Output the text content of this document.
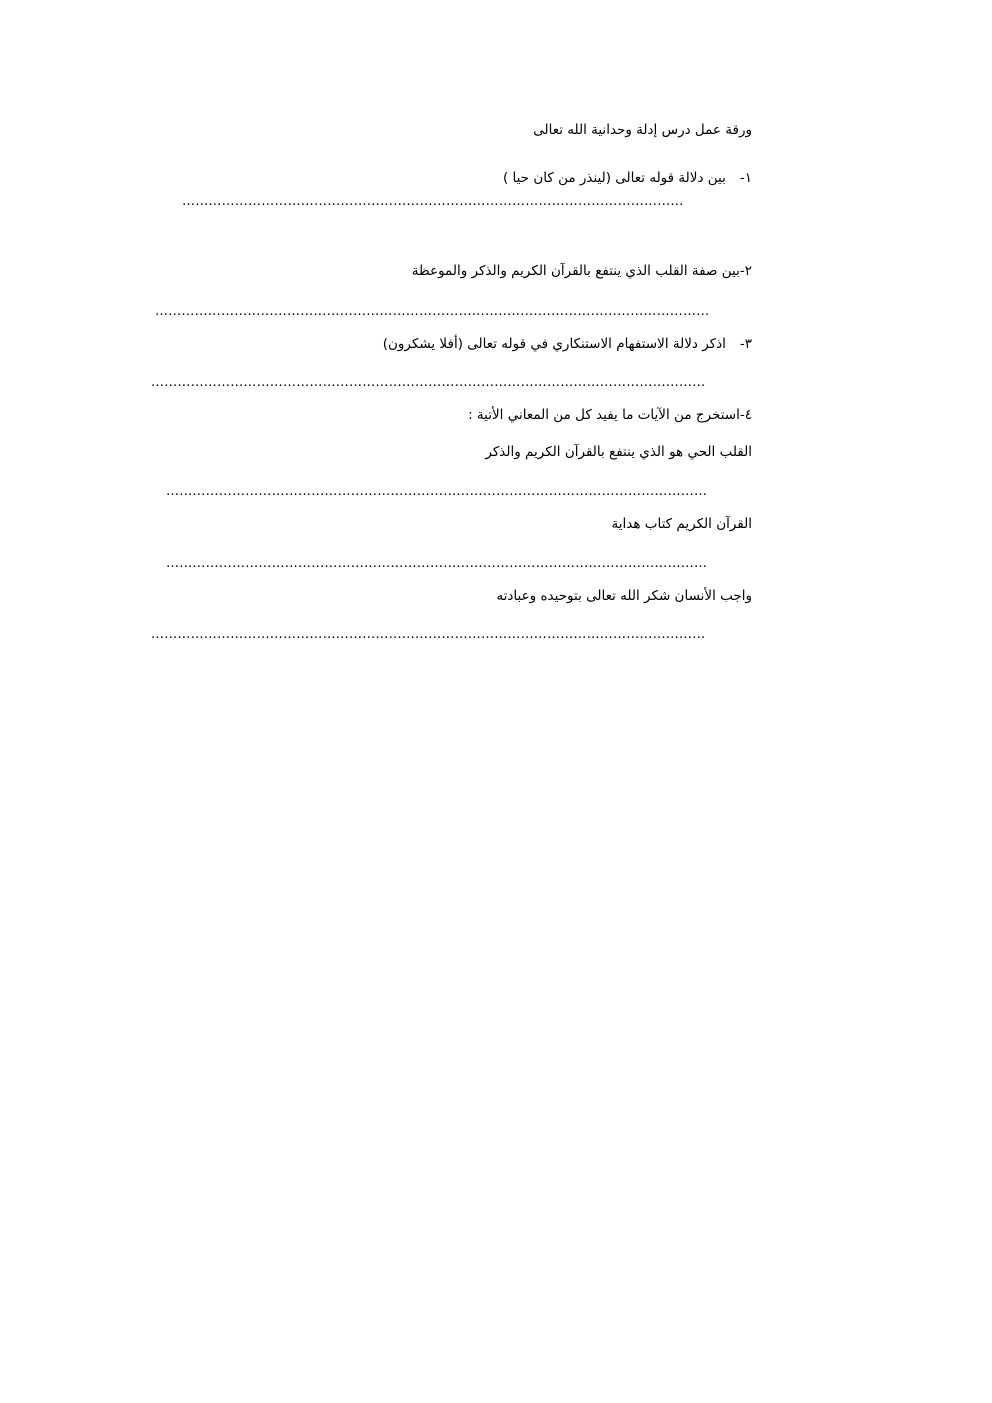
ورقة عمل درس إدلة وحدانية الله تعالى
١-بين دلالة قوله تعالى (لينذر من كان حيا )
……………………………………………………………………………………………………
٢-بين صفة القلب الذي ينتفع بالقرآن الكريم والذكر والموعظة
………………………………………………………………………………………………………………
٣-اذكر دلالة الاستفهام الاستنكاري في قوله تعالى (أفلا يشكرون)
………………………………………………………………………………………………………………
٤-استخرج من الآيات ما يفيد كل من المعاني الأتية :
القلب الحي هو الذي ينتفع بالقرآن الكريم والذكر
……………………………………………………………………………………………………………
القرآن الكريم كتاب هداية
……………………………………………………………………………………………………………
واجب الأنسان شكر الله تعالى بتوحيده وعبادته
………………………………………………………………………………………………………………
